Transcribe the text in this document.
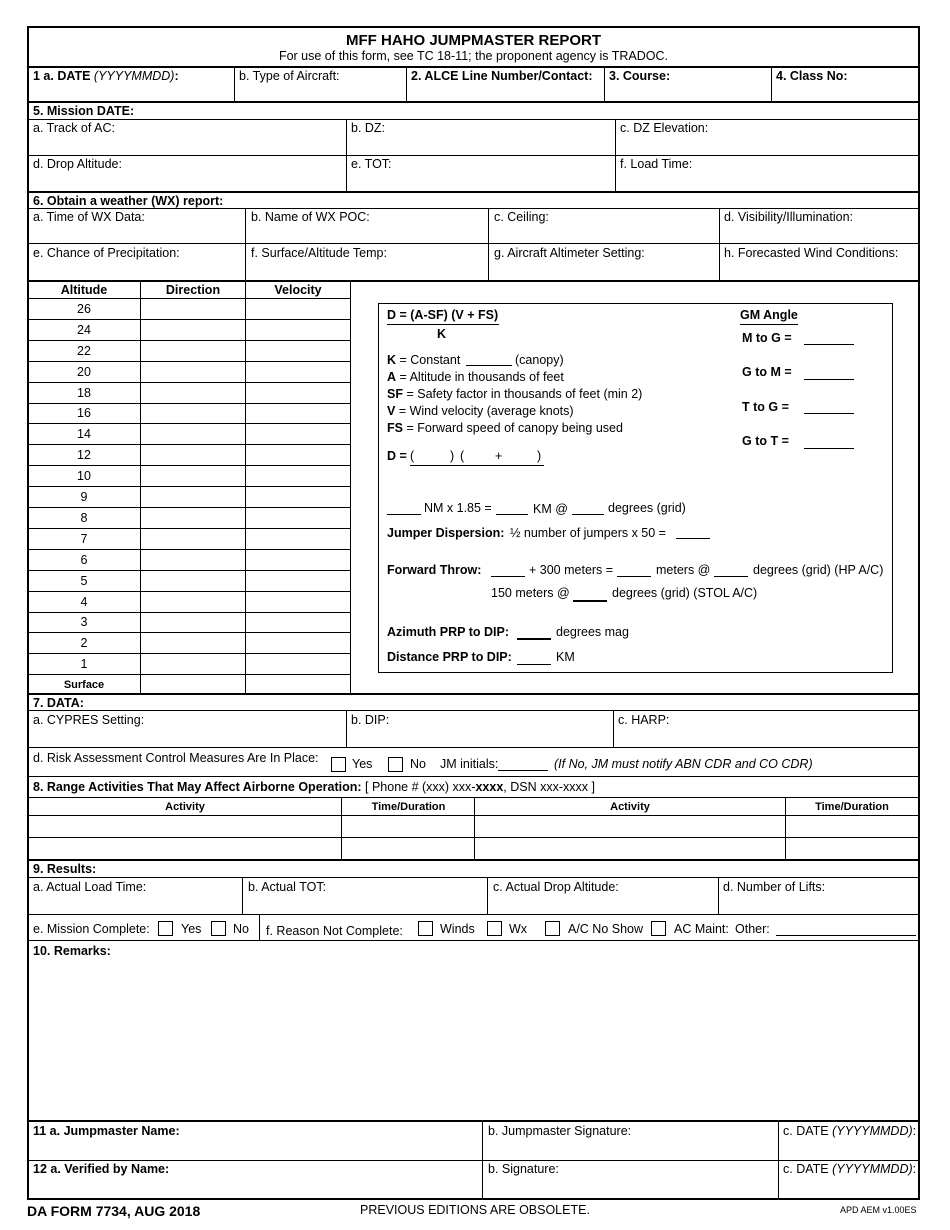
MFF HAHO JUMPMASTER REPORT
For use of this form, see TC 18-11; the proponent agency is TRADOC.
1 a. DATE (YYYYMMDD):	b. Type of Aircraft:	2. ALCE Line Number/Contact: 3. Course:	4. Class No:
5. Mission DATE:
a. Track of AC:	b. DZ:	c. DZ Elevation:
d. Drop Altitude:	e. TOT:	f. Load Time:
6. Obtain a weather (WX) report:
a. Time of WX Data:	b. Name of WX POC:	c. Ceiling:	d. Visibility/Illumination:
e. Chance of Precipitation:	f. Surface/Altitude Temp:	g. Aircraft Altimeter Setting:	h. Forecasted Wind Conditions:
Altitude	Direction	Velocity
26
24
22
20
18
16
14
12
10
9
8
7
6
5
4
3
2
1
Surface
D = (A-SF) (V + FS)
K
K = Constant	(canopy)
A = Altitude in thousands of feet
SF = Safety factor in thousands of feet (min 2)
V = Wind velocity (average knots)
FS = Forward speed of canopy being used
D = (	) ( +	)
GM Angle
M to G =
G to M =
T to G =
G to T =
NM x 1.85 =	KM @	degrees (grid)
Jumper Dispersion: ½ number of jumpers x 50 =
Forward Throw:	+ 300 meters =	meters @	degrees (grid) (HP A/C)
150 meters @	degrees (grid) (STOL A/C)
Azimuth PRP to DIP:	degrees mag
Distance PRP to DIP:	KM
7. DATA:
a. CYPRES Setting:	b. DIP:	c. HARP:
d. Risk Assessment Control Measures Are In Place:	Yes	No JM initials:	(If No, JM must notify ABN CDR and CO CDR)
8. Range Activities That May Affect Airborne Operation: [ Phone # (xxx) xxx-xxxx, DSN xxx-xxxx ]
Activity	Time/Duration	Activity	Time/Duration
9. Results:
a. Actual Load Time:	b. Actual TOT:	c. Actual Drop Altitude:	d. Number of Lifts:
e. Mission Complete:	Yes	No f. Reason Not Complete:	Winds	Wx	A/C No Show AC Maint: Other:
10. Remarks:
11 a. Jumpmaster Name:	b. Jumpmaster Signature:	c. DATE (YYYYMMDD):
12 a. Verified by Name:	b. Signature:	c. DATE (YYYYMMDD):
DA FORM 7734, AUG 2018	PREVIOUS EDITIONS ARE OBSOLETE.	APD AEM v1.00ES
